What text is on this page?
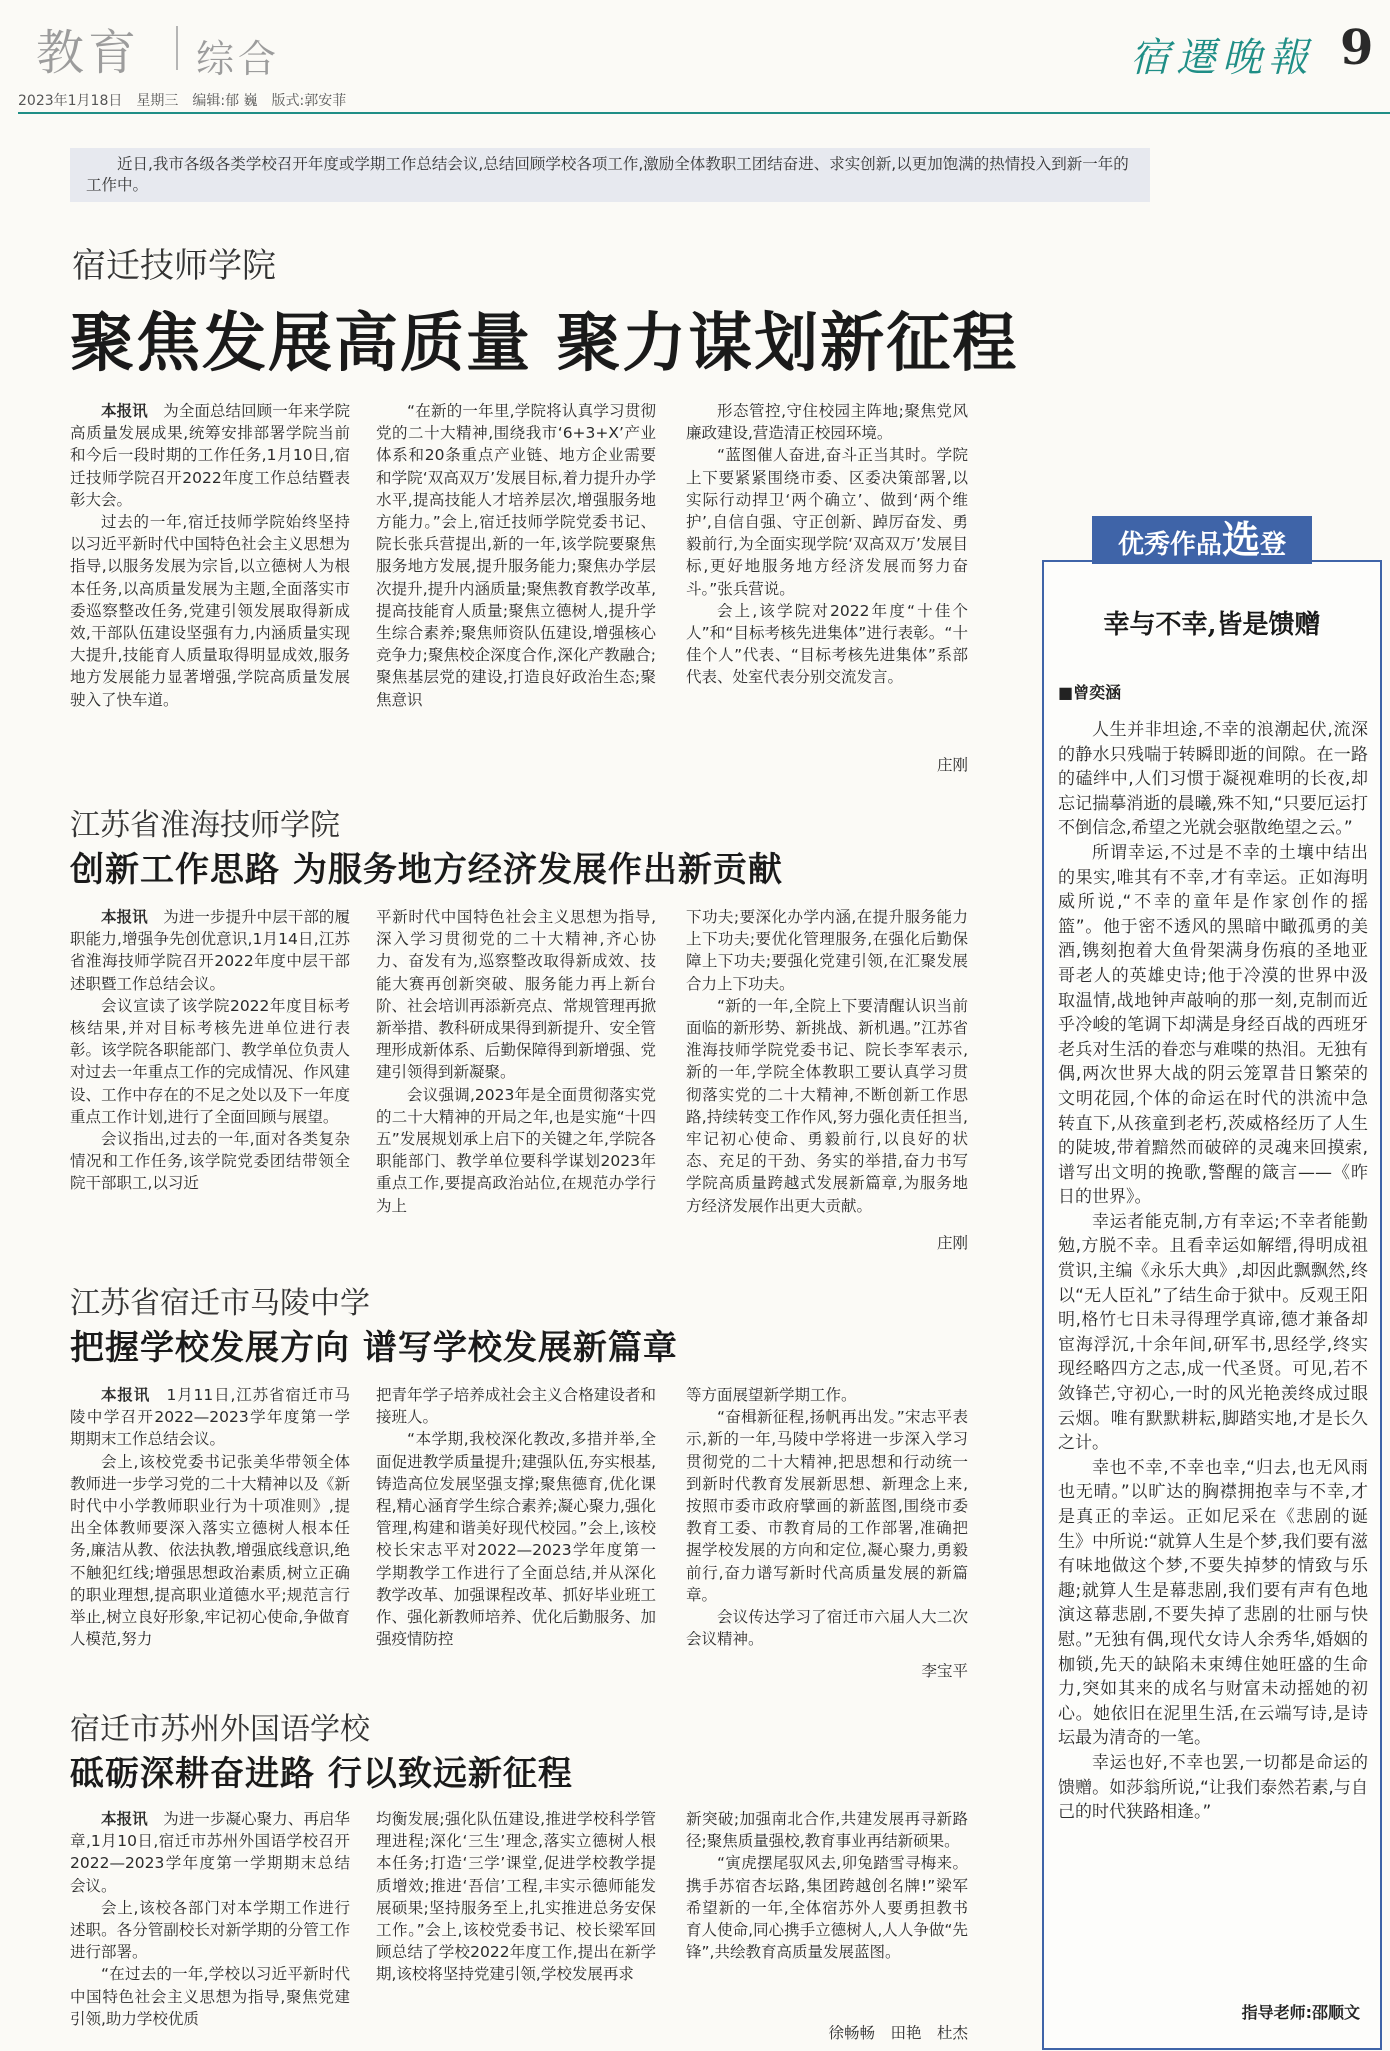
教育 综合	宿遷晚報 9
2023年1月18日　星期三　编辑:郁 巍　版式:郭安菲
近日,我市各级各类学校召开年度或学期工作总结会议,总结回顾学校各项工作,激励全体教职工团结奋进、求实创新,以更加饱满的热情投入到新一年的工作中。
宿迁技师学院
聚焦发展高质量 聚力谋划新征程

本报讯　 为全面总结回顾一年来学院高质量发展成果,统筹安排部署学院当前和今后一段时期的工作任务,1月10日,宿迁技师学院召开2022年度工作总结暨表彰大会。

过去的一年,宿迁技师学院始终坚持以习近平新时代中国特色社会主义思想为指导,以服务发展为宗旨,以立德树人为根本任务,以高质量发展为主题,全面落实市委巡察整改任务,党建引领发展取得新成效,干部队伍建设坚强有力,内涵质量实现大提升,技能育人质量取得明显成效,服务地方发展能力显著增强,学院高质量发展驶入了快车道。

“在新的一年里,学院将认真学习贯彻党的二十大精神,围绕我市‘6+3+X’产业体系和20条重点产业链、地方企业需要和学院‘双高双万’发展目标,着力提升办学水平,提高技能人才培养层次,增强服务地方能力。”会上,宿迁技师学院党委书记、院长张兵营提出,新的一年,该学院要聚焦服务地方发展,提升服务能力;聚焦办学层次提升,提升内涵质量;聚焦教育教学改革,提高技能育人质量;聚焦立德树人,提升学生综合素养;聚焦师资队伍建设,增强核心竞争力;聚焦校企深度合作,深化产教融合;聚焦基层党的建设,打造良好政治生态;聚焦意识

形态管控,守住校园主阵地;聚焦党风廉政建设,营造清正校园环境。

“蓝图催人奋进,奋斗正当其时。学院上下要紧紧围绕市委、区委决策部署,以实际行动捍卫‘两个确立’、做到‘两个维护’,自信自强、守正创新、踔厉奋发、勇毅前行,为全面实现学院‘双高双万’发展目标,更好地服务地方经济发展而努力奋斗。”张兵营说。

会上,该学院对2022年度“十佳个人”和“目标考核先进集体”进行表彰。“十佳个人”代表、“目标考核先进集体”系部代表、处室代表分别交流发言。

庄刚
江苏省淮海技师学院
创新工作思路 为服务地方经济发展作出新贡献

本报讯　 为进一步提升中层干部的履职能力,增强争先创优意识,1月14日,江苏省淮海技师学院召开2022年度中层干部述职暨工作总结会议。

会议宣读了该学院2022年度目标考核结果,并对目标考核先进单位进行表彰。该学院各职能部门、教学单位负责人对过去一年重点工作的完成情况、作风建设、工作中存在的不足之处以及下一年度重点工作计划,进行了全面回顾与展望。

会议指出,过去的一年,面对各类复杂情况和工作任务,该学院党委团结带领全院干部职工,以习近

平新时代中国特色社会主义思想为指导,深入学习贯彻党的二十大精神,齐心协力、奋发有为,巡察整改取得新成效、技能大赛再创新突破、服务能力再上新台阶、社会培训再添新亮点、常规管理再掀新举措、教科研成果得到新提升、安全管理形成新体系、后勤保障得到新增强、党建引领得到新凝聚。

会议强调,2023年是全面贯彻落实党的二十大精神的开局之年,也是实施“十四五”发展规划承上启下的关键之年,学院各职能部门、教学单位要科学谋划2023年重点工作,要提高政治站位,在规范办学行为上

下功夫;要深化办学内涵,在提升服务能力上下功夫;要优化管理服务,在强化后勤保障上下功夫;要强化党建引领,在汇聚发展合力上下功夫。

“新的一年,全院上下要清醒认识当前面临的新形势、新挑战、新机遇。”江苏省淮海技师学院党委书记、院长李军表示,新的一年,学院全体教职工要认真学习贯彻落实党的二十大精神,不断创新工作思路,持续转变工作作风,努力强化责任担当,牢记初心使命、勇毅前行,以良好的状态、充足的干劲、务实的举措,奋力书写学院高质量跨越式发展新篇章,为服务地方经济发展作出更大贡献。

庄刚
江苏省宿迁市马陵中学
把握学校发展方向 谱写学校发展新篇章

本报讯　 1月11日,江苏省宿迁市马陵中学召开2022—2023学年度第一学期期末工作总结会议。

会上,该校党委书记张美华带领全体教师进一步学习党的二十大精神以及《新时代中小学教师职业行为十项准则》,提出全体教师要深入落实立德树人根本任务,廉洁从教、依法执教,增强底线意识,绝不触犯红线;增强思想政治素质,树立正确的职业理想,提高职业道德水平;规范言行举止,树立良好形象,牢记初心使命,争做育人模范,努力

把青年学子培养成社会主义合格建设者和接班人。

“本学期,我校深化教改,多措并举,全面促进教学质量提升;建强队伍,夯实根基,铸造高位发展坚强支撑;聚焦德育,优化课程,精心涵育学生综合素养;凝心聚力,强化管理,构建和谐美好现代校园。”会上,该校校长宋志平对2022—2023学年度第一学期教学工作进行了全面总结,并从深化教学改革、加强课程改革、抓好毕业班工作、强化新教师培养、优化后勤服务、加强疫情防控

等方面展望新学期工作。

“奋楫新征程,扬帆再出发。”宋志平表示,新的一年,马陵中学将进一步深入学习贯彻党的二十大精神,把思想和行动统一到新时代教育发展新思想、新理念上来,按照市委市政府擘画的新蓝图,围绕市委教育工委、市教育局的工作部署,准确把握学校发展的方向和定位,凝心聚力,勇毅前行,奋力谱写新时代高质量发展的新篇章。

会议传达学习了宿迁市六届人大二次会议精神。

李宝平
宿迁市苏州外国语学校
砥砺深耕奋进路 行以致远新征程

本报讯　 为进一步凝心聚力、再启华章,1月10日,宿迁市苏州外国语学校召开2022—2023学年度第一学期期末总结会议。

会上,该校各部门对本学期工作进行述职。各分管副校长对新学期的分管工作进行部署。

“在过去的一年,学校以习近平新时代中国特色社会主义思想为指导,聚焦党建引领,助力学校优质

均衡发展;强化队伍建设,推进学校科学管理进程;深化‘三生’理念,落实立德树人根本任务;打造‘三学’课堂,促进学校教学提质增效;推进‘吾信’工程,丰实示德师能发展硕果;坚持服务至上,扎实推进总务安保工作。”会上,该校党委书记、校长梁军回顾总结了学校2022年度工作,提出在新学期,该校将坚持党建引领,学校发展再求

新突破;加强南北合作,共建发展再寻新路径;聚焦质量强校,教育事业再结新硕果。

“寅虎摆尾驭风去,卯兔踏雪寻梅来。携手苏宿杏坛路,集团跨越创名牌!”梁军希望新的一年,全体宿苏外人要勇担教书育人使命,同心携手立德树人,人人争做“先锋”,共绘教育高质量发展蓝图。

徐畅畅　田艳　杜杰
优秀作品选登
幸与不幸,皆是馈赠
■曾奕涵

人生并非坦途,不幸的浪潮起伏,流深的静水只残喘于转瞬即逝的间隙。在一路的磕绊中,人们习惯于凝视难明的长夜,却忘记揣摹消逝的晨曦,殊不知,“只要厄运打不倒信念,希望之光就会驱散绝望之云。”

所谓幸运,不过是不幸的土壤中结出的果实,唯其有不幸,才有幸运。正如海明威所说,“不幸的童年是作家创作的摇篮”。他于密不透风的黑暗中瞰孤勇的美酒,镌刻抱着大鱼骨架满身伤痕的圣地亚哥老人的英雄史诗;他于冷漠的世界中汲取温情,战地钟声敲响的那一刻,克制而近乎冷峻的笔调下却满是身经百战的西班牙老兵对生活的眷恋与难喋的热泪。无独有偶,两次世界大战的阴云笼罩昔日繁荣的文明花园,个体的命运在时代的洪流中急转直下,从孩童到老朽,茨威格经历了人生的陡坡,带着黯然而破碎的灵魂来回摸索,谱写出文明的挽歌,警醒的箴言——《昨日的世界》。

幸运者能克制,方有幸运;不幸者能勤勉,方脱不幸。且看幸运如解缙,得明成祖赏识,主编《永乐大典》,却因此飘飘然,终以“无人臣礼”了结生命于狱中。反观王阳明,格竹七日未寻得理学真谛,德才兼备却宦海浮沉,十余年间,研军书,思经学,终实现经略四方之志,成一代圣贤。可见,若不敛锋芒,守初心,一时的风光艳羡终成过眼云烟。唯有默默耕耘,脚踏实地,才是长久之计。

幸也不幸,不幸也幸,“归去,也无风雨也无晴。”以旷达的胸襟拥抱幸与不幸,才是真正的幸运。正如尼采在《悲剧的诞生》中所说:“就算人生是个梦,我们要有滋有味地做这个梦,不要失掉梦的情致与乐趣;就算人生是幕悲剧,我们要有声有色地演这幕悲剧,不要失掉了悲剧的壮丽与快慰。”无独有偶,现代女诗人余秀华,婚姻的枷锁,先天的缺陷未束缚住她旺盛的生命力,突如其来的成名与财富未动摇她的初心。她依旧在泥里生活,在云端写诗,是诗坛最为清奇的一笔。

幸运也好,不幸也罢,一切都是命运的馈赠。如莎翁所说,“让我们泰然若素,与自己的时代狭路相逢。”

指导老师:邵顺文
